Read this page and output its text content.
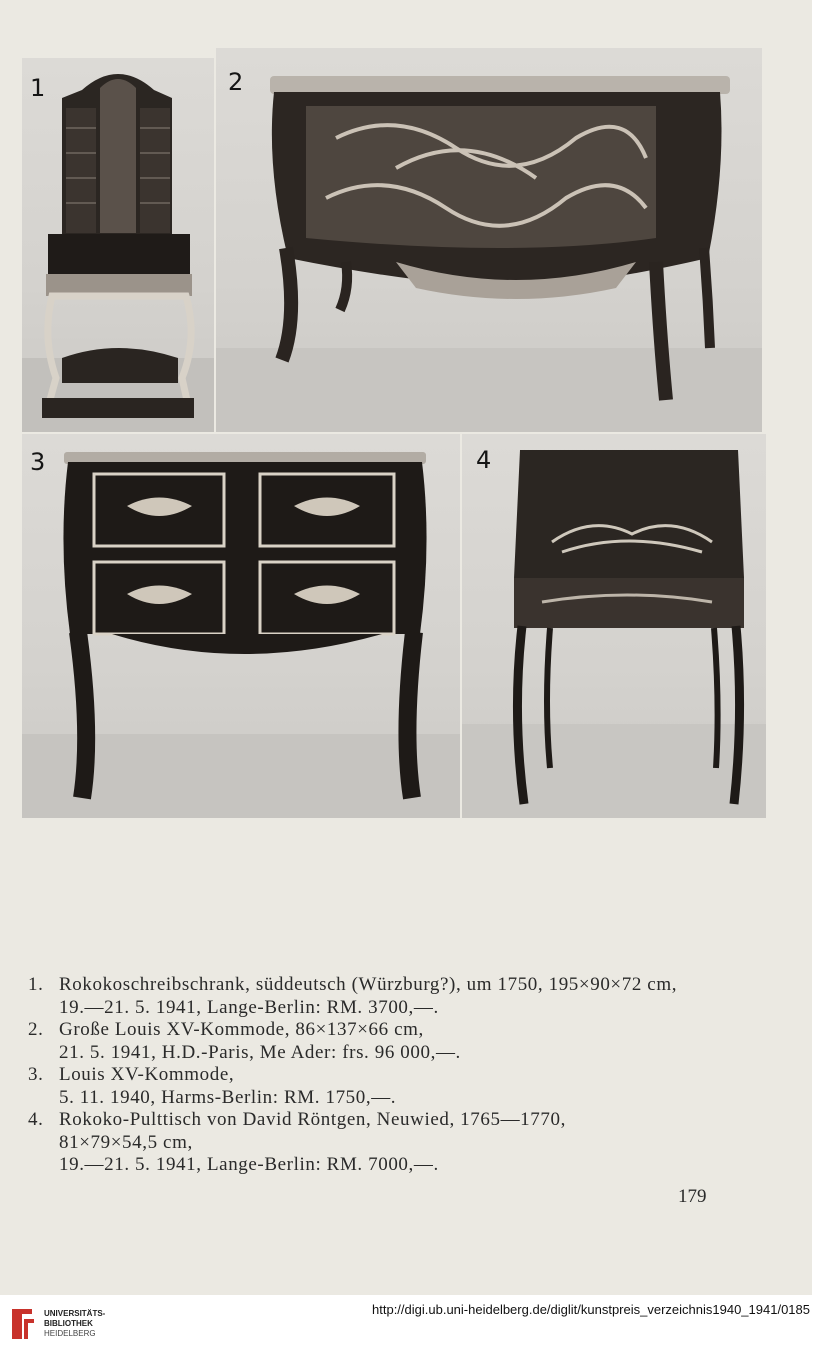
1	2
3	4
1. Rokokoschreibschrank, süddeutsch (Würzburg?), um 1750, 195×90×72 cm,
19.—21. 5. 1941, Lange-Berlin: RM. 3700,—.
2. Große Louis XV-Kommode, 86×137×66 cm,
21. 5. 1941, H.D.-Paris, Me Ader: frs. 96 000,—.
3. Louis XV-Kommode,
5. 11. 1940, Harms-Berlin: RM. 1750,—.
4. Rokoko-Pulttisch von David Röntgen, Neuwied, 1765—1770,
81×79×54,5 cm,
19.—21. 5. 1941, Lange-Berlin: RM. 7000,—.
179
UNIVERSITÄTS-
BIBLIOTHEK
HEIDELBERG
http://digi.ub.uni-heidelberg.de/diglit/kunstpreis_verzeichnis1940_1941/0185
